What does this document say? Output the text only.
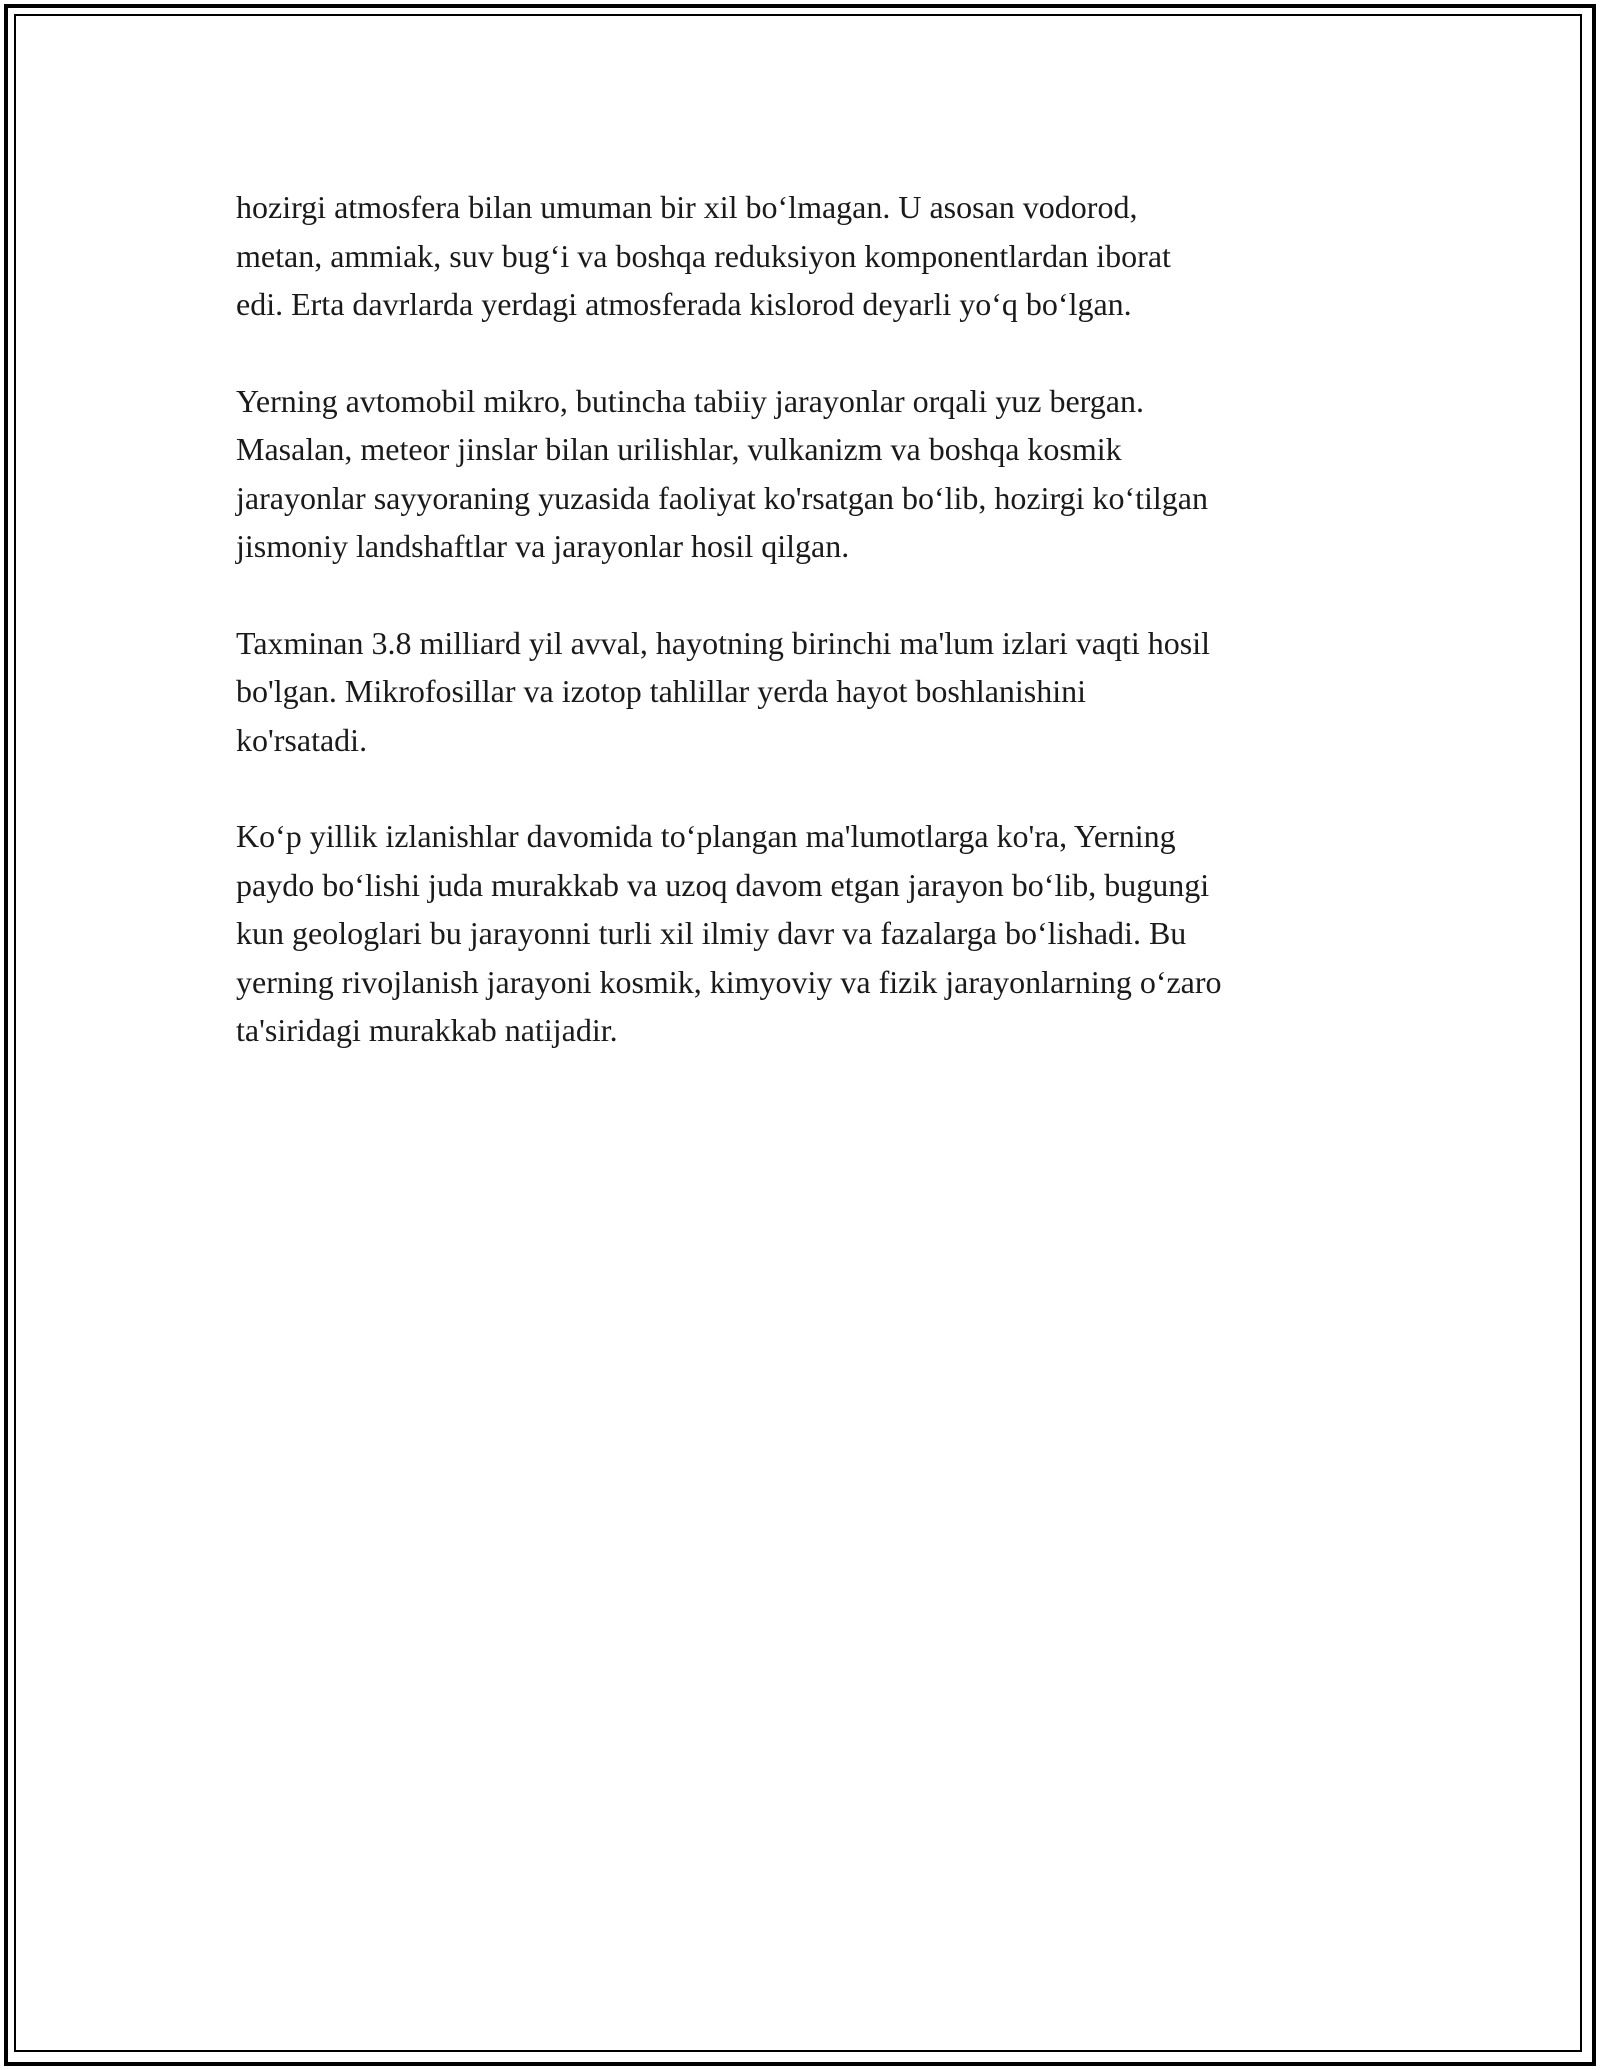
hozirgi atmosfera bilan umuman bir xil bo‘lmagan. U asosan vodorod,
metan, ammiak, suv bug‘i va boshqa reduksiyon komponentlardan iborat
edi. Erta davrlarda yerdagi atmosferada kislorod deyarli yo‘q bo‘lgan.

Yerning avtomobil mikro, butincha tabiiy jarayonlar orqali yuz bergan.
Masalan, meteor jinslar bilan urilishlar, vulkanizm va boshqa kosmik
jarayonlar sayyoraning yuzasida faoliyat ko'rsatgan bo‘lib, hozirgi ko‘tilgan
jismoniy landshaftlar va jarayonlar hosil qilgan.

Taxminan 3.8 milliard yil avval, hayotning birinchi ma'lum izlari vaqti hosil
bo'lgan. Mikrofosillar va izotop tahlillar yerda hayot boshlanishini
ko'rsatadi.

Ko‘p yillik izlanishlar davomida to‘plangan ma'lumotlarga ko'ra, Yerning
paydo bo‘lishi juda murakkab va uzoq davom etgan jarayon bo‘lib, bugungi
kun geologlari bu jarayonni turli xil ilmiy davr va fazalarga bo‘lishadi. Bu
yerning rivojlanish jarayoni kosmik, kimyoviy va fizik jarayonlarning o‘zaro
ta'siridagi murakkab natijadir.
